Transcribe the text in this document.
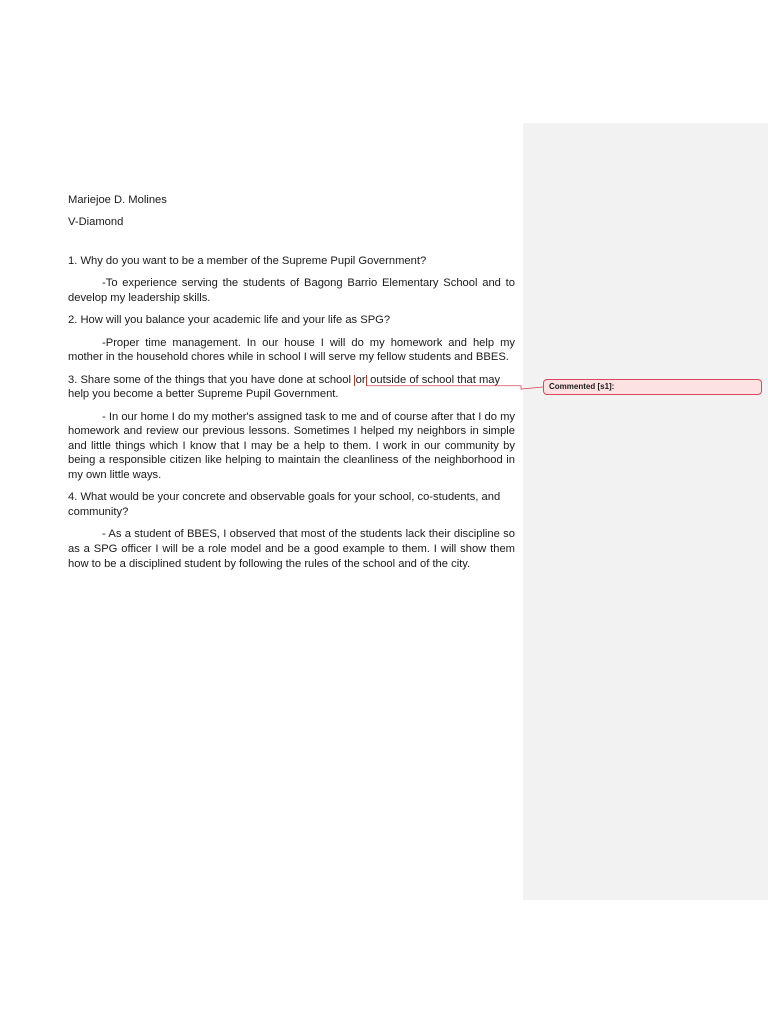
Mariejoe D. Molines

V-Diamond

1. Why do you want to be a member of the Supreme Pupil Government?

-To experience serving the students of Bagong Barrio Elementary School and to develop my leadership skills.

2. How will you balance your academic life and your life as SPG?

-Proper time management. In our house I will do my homework and help my mother in the household chores while in school I will serve my fellow students and BBES.

3. Share some of the things that you have done at school or outside of school that may help you become a better Supreme Pupil Government.

- In our home I do my mother's assigned task to me and of course after that I do my homework and review our previous lessons. Sometimes I helped my neighbors in simple and little things which I know that I may be a help to them. I work in our community by being a responsible citizen like helping to maintain the cleanliness of the neighborhood in my own little ways.

4. What would be your concrete and observable goals for your school, co-students, and community?

- As a student of BBES, I observed that most of the students lack their discipline so as a SPG officer I will be a role model and be a good example to them. I will show them how to be a disciplined student by following the rules of the school and of the city.

Commented [s1]:
